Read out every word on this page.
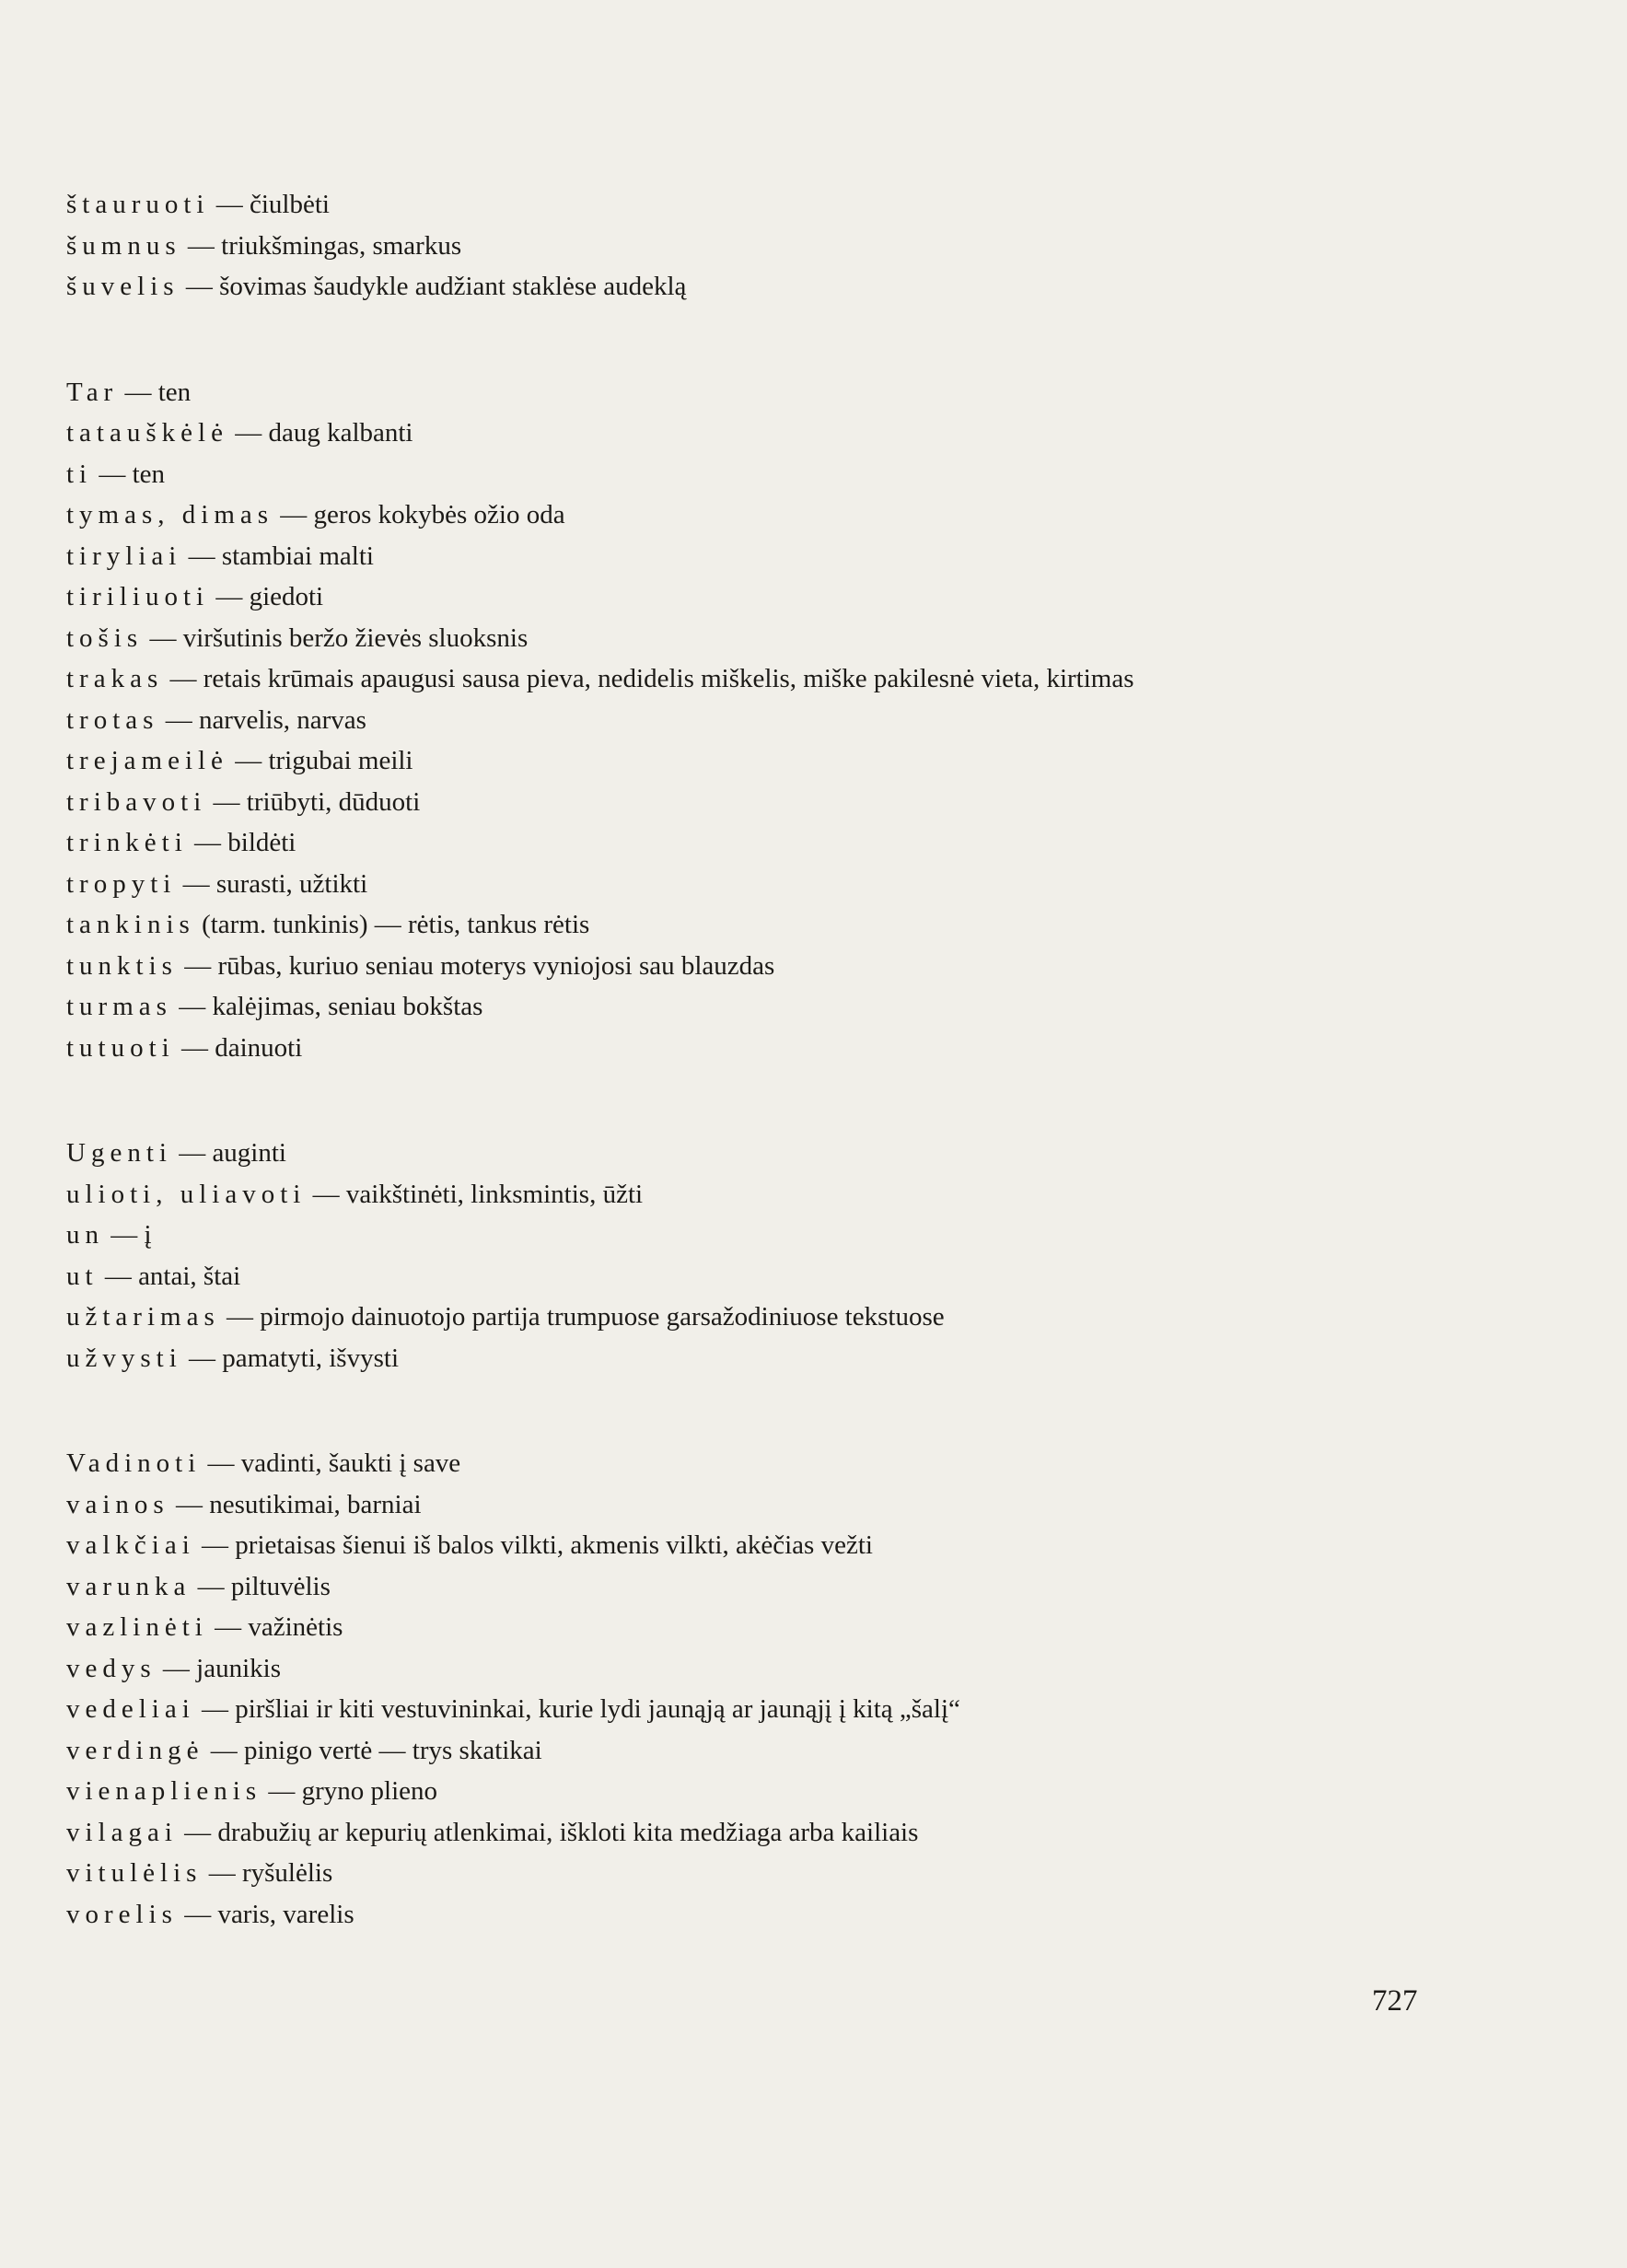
štauruoti — čiulbėti
šumnus — triukšmingas, smarkus
šuvelis — šovimas šaudykle audžiant staklėse audeklą
Tar — ten
tatauškėlė — daug kalbanti
ti — ten
tymas, dimas — geros kokybės ožio oda
tiryliai — stambiai malti
tiriliuoti — giedoti
tošis — viršutinis beržo žievės sluoksnis
trakas — retais krūmais apaugusi sausa pieva, nedidelis miškelis, miške pakilesnė vieta, kirtimas
trotas — narvelis, narvas
trejameilė — trigubai meili
tribavoti — triūbyti, dūduoti
trinkėti — bildėti
tropyti — surasti, užtikti
tankinis (tarm. tunkinis) — rėtis, tankus rėtis
tunktis — rūbas, kuriuo seniau moterys vyniojosi sau blauzdas
turmas — kalėjimas, seniau bokštas
tutuoti — dainuoti
Ugenti — auginti
ulioti, uliavoti — vaikštinėti, linksmintis, ūžti
un — į
ut — antai, štai
užtarimas — pirmojo dainuotojo partija trumpuose garsažodiniuose tekstuose
užvysti — pamatyti, išvysti
Vadinoti — vadinti, šaukti į save
vainos — nesutikimai, barniai
valkčiai — prietaisas šienui iš balos vilkti, akmenis vilkti, akėčias vežti
varunka — piltuvėlis
vazlinėti — važinėtis
vedys — jaunikis
vedeliai — piršliai ir kiti vestuvininkai, kurie lydi jaunąją ar jaunąjį į kitą „šalį“
verdingė — pinigo vertė — trys skatikai
vienaplienis — gryno plieno
vilagai — drabužių ar kepurių atlenkimai, iškloti kita medžiaga arba kailiais
vitulėlis — ryšulėlis
vorelis — varis, varelis
727
